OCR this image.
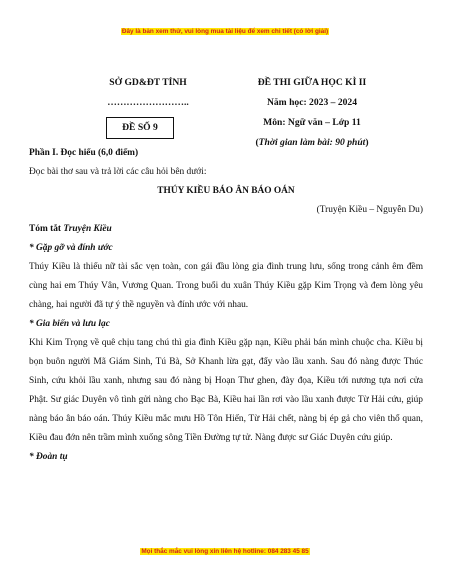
Đây là bản xem thử, vui lòng mua tài liệu để xem chi tiết (có lời giải)
SỞ GD&ĐT TỈNH
……………………..
ĐỀ SỐ 9
ĐỀ THI GIỮA HỌC KÌ II
Năm học: 2023 – 2024
Môn: Ngữ văn – Lớp 11
(Thời gian làm bài: 90 phút)
Phần I. Đọc hiểu (6,0 điểm)
Đọc bài thơ sau và trả lời các câu hỏi bên dưới:
THÚY KIỀU BÁO ÂN BÁO OÁN
(Truyện Kiều – Nguyễn Du)
Tóm tắt Truyện Kiều
* Gặp gỡ và đính ước
Thúy Kiều là thiếu nữ tài sắc vẹn toàn, con gái đầu lòng gia đình trung lưu, sống trong cảnh êm đềm cùng hai em Thúy Vân, Vương Quan. Trong buổi du xuân Thúy Kiều gặp Kim Trọng và đem lòng yêu chàng, hai người đã tự ý thề nguyền và đính ước với nhau.
* Gia biến và lưu lạc
Khi Kim Trọng về quê chịu tang chú thì gia đình Kiều gặp nạn, Kiều phải bán mình chuộc cha. Kiều bị bọn buôn người Mã Giám Sinh, Tú Bà, Sở Khanh lừa gạt, đẩy vào lầu xanh. Sau đó nàng được Thúc Sinh, cứu khỏi lầu xanh, nhưng sau đó nàng bị Hoạn Thư ghen, đày đọa, Kiều tới nương tựa nơi cửa Phật. Sư giác Duyên vô tình gửi nàng cho Bạc Bà, Kiều hai lần rơi vào lầu xanh được Từ Hải cứu, giúp nàng báo ân báo oán. Thúy Kiều mắc mưu Hồ Tôn Hiến, Từ Hải chết, nàng bị ép gả cho viên thổ quan, Kiều đau đớn nên trầm mình xuống sông Tiền Đường tự tử. Nàng được sư Giác Duyên cứu giúp.
* Đoàn tụ
Mọi thắc mắc vui lòng xin liên hệ hotline: 084 283 45 85
